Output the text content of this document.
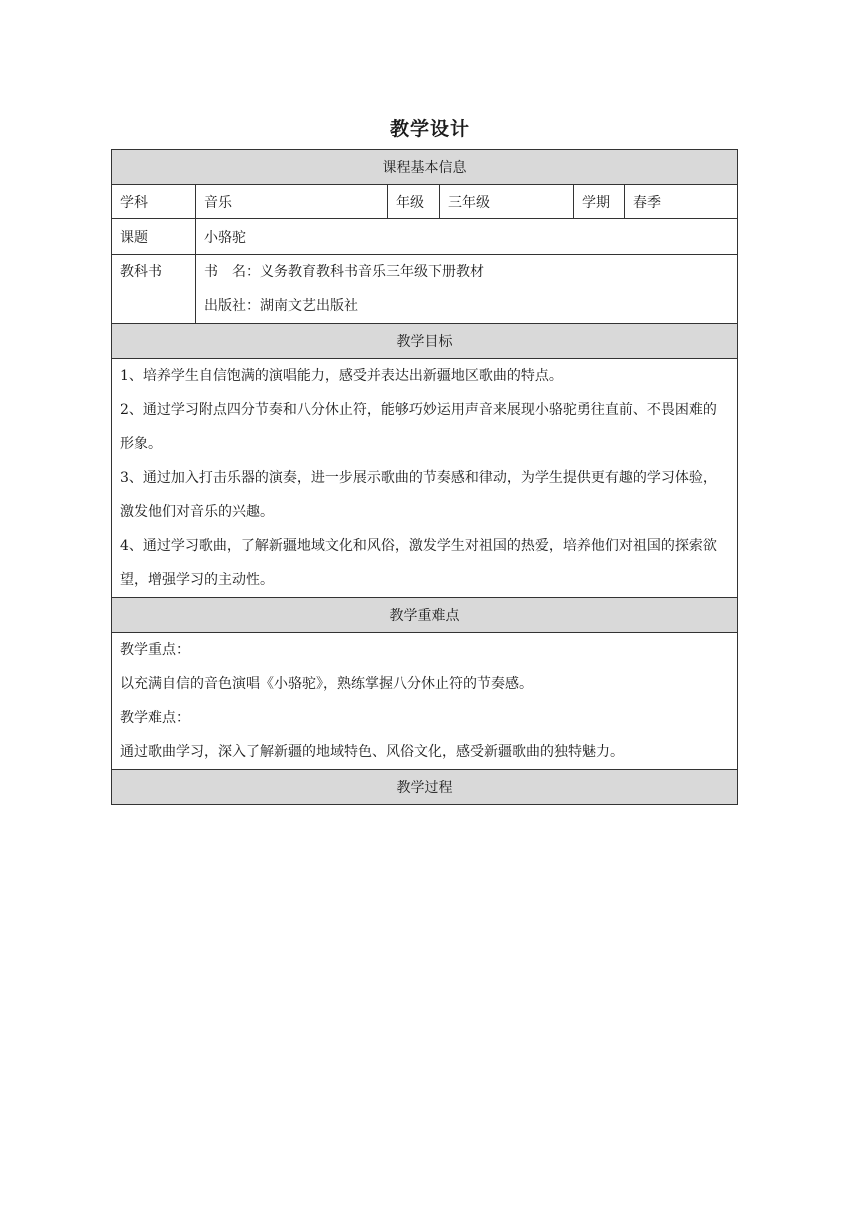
教学设计
课程基本信息					
学科	音乐	年级	三年级	学期	春季
课题	小骆驼				

教科书	书　名：义务教育教科书音乐三年级下册教材
出版社：湖南文艺出版社				

教学目标					

1、培养学生自信饱满的演唱能力，感受并表达出新疆地区歌曲的特点。

2、通过学习附点四分节奏和八分休止符，能够巧妙运用声音来展现小骆驼勇往直前、不畏困难的形象。

3、通过加入打击乐器的演奏，进一步展示歌曲的节奏感和律动，为学生提供更有趣的学习体验，激发他们对音乐的兴趣。

4、通过学习歌曲，了解新疆地域文化和风俗，激发学生对祖国的热爱，培养他们对祖国的探索欲望，增强学习的主动性。					

教学重难点					

教学重点：
以充满自信的音色演唱《小骆驼》，熟练掌握八分休止符的节奏感。
教学难点：
通过歌曲学习，深入了解新疆的地域特色、风俗文化，感受新疆歌曲的独特魅力。					

教学过程					
